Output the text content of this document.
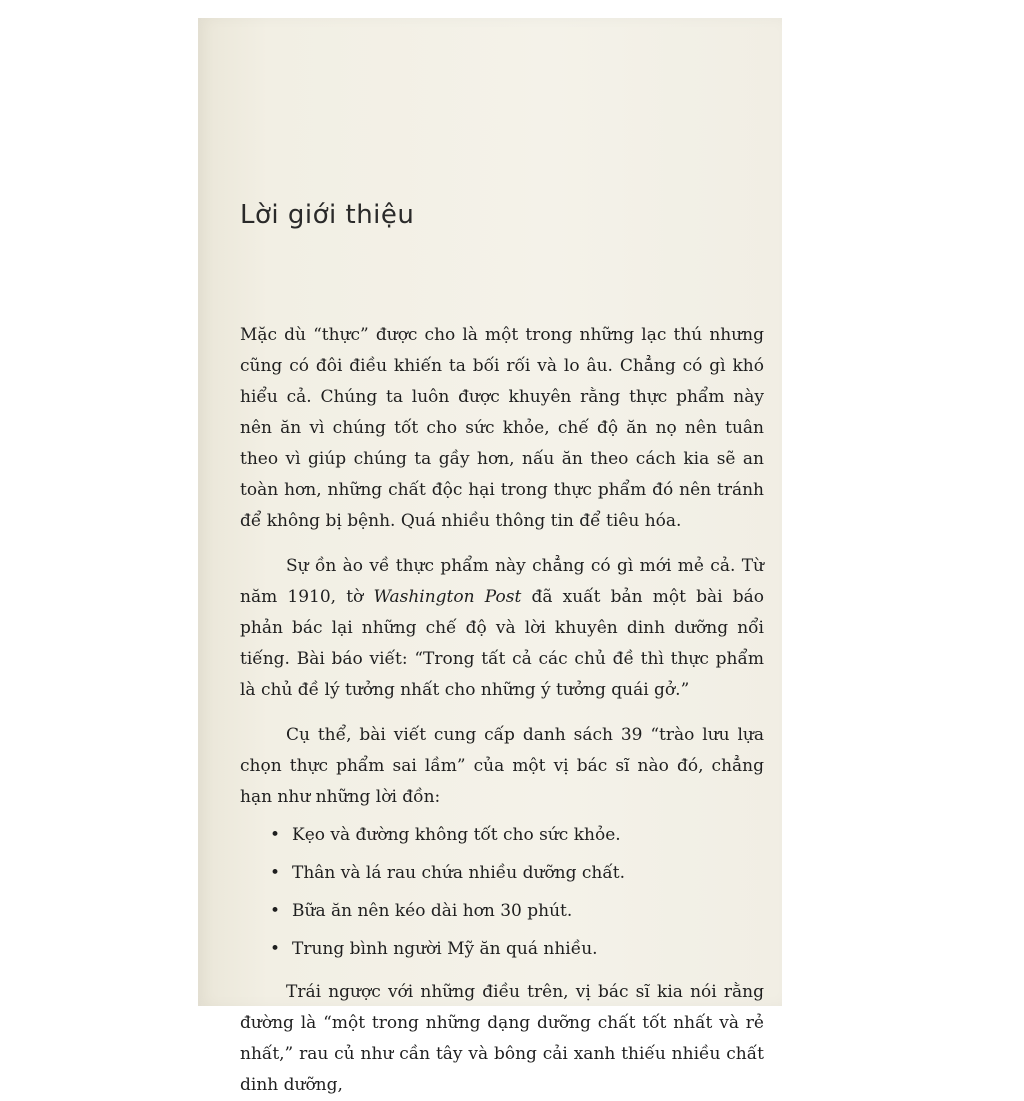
Lời giới thiệu

Mặc dù “thực” được cho là một trong những lạc thú nhưng cũng có đôi điều khiến ta bối rối và lo âu. Chẳng có gì khó hiểu cả. Chúng ta luôn được khuyên rằng thực phẩm này nên ăn vì chúng tốt cho sức khỏe, chế độ ăn nọ nên tuân theo vì giúp chúng ta gầy hơn, nấu ăn theo cách kia sẽ an toàn hơn, những chất độc hại trong thực phẩm đó nên tránh để không bị bệnh. Quá nhiều thông tin để tiêu hóa.

Sự ồn ào về thực phẩm này chẳng có gì mới mẻ cả. Từ năm 1910, tờ Washington Post đã xuất bản một bài báo phản bác lại những chế độ và lời khuyên dinh dưỡng nổi tiếng. Bài báo viết: “Trong tất cả các chủ đề thì thực phẩm là chủ đề lý tưởng nhất cho những ý tưởng quái gở.”

Cụ thể, bài viết cung cấp danh sách 39 “trào lưu lựa chọn thực phẩm sai lầm” của một vị bác sĩ nào đó, chẳng hạn như những lời đồn:

• Kẹo và đường không tốt cho sức khỏe.
• Thân và lá rau chứa nhiều dưỡng chất.
• Bữa ăn nên kéo dài hơn 30 phút.
• Trung bình người Mỹ ăn quá nhiều.

Trái ngược với những điều trên, vị bác sĩ kia nói rằng đường là “một trong những dạng dưỡng chất tốt nhất và rẻ nhất,” rau củ như cần tây và bông cải xanh thiếu nhiều chất dinh dưỡng,
